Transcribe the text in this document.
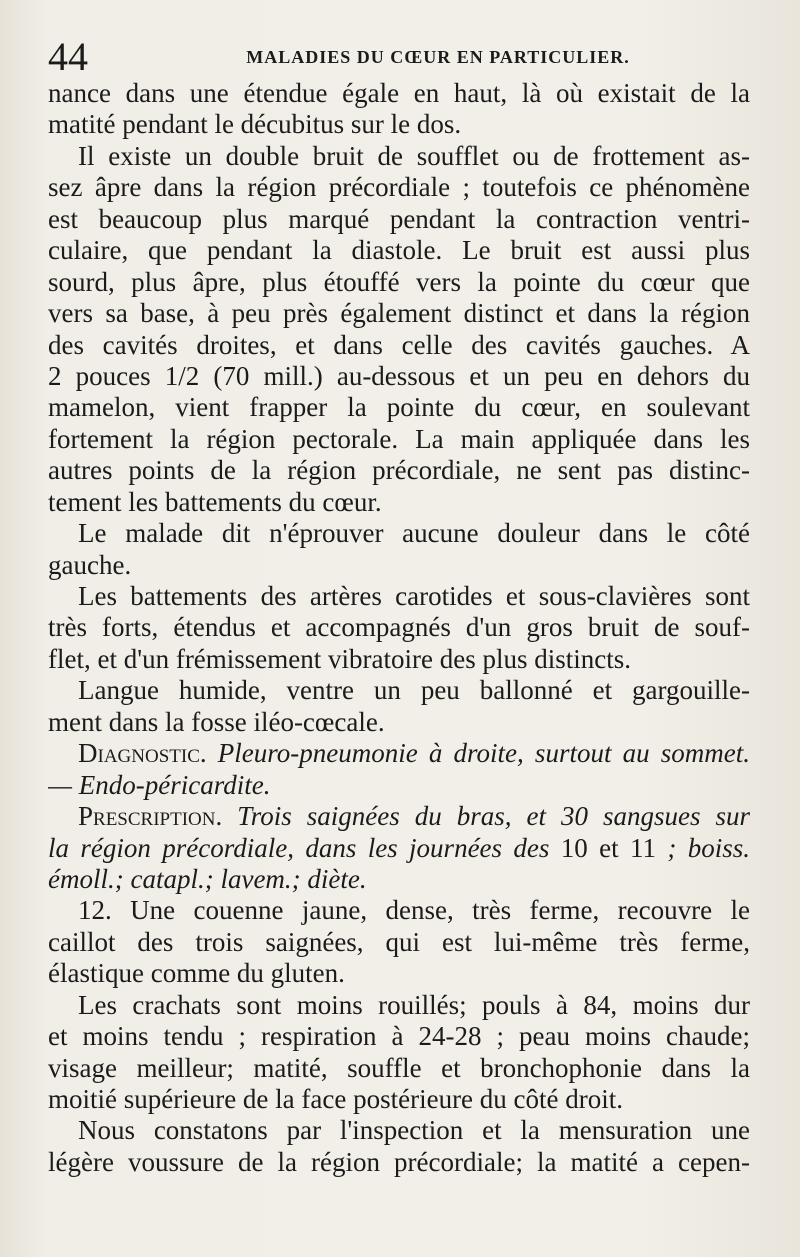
44	MALADIES DU CŒUR EN PARTICULIER.
nance dans une étendue égale en haut, là où existait de la
matité pendant le décubitus sur le dos.
Il existe un double bruit de soufflet ou de frottement as-
sez âpre dans la région précordiale ; toutefois ce phénomène
est beaucoup plus marqué pendant la contraction ventri-
culaire, que pendant la diastole. Le bruit est aussi plus
sourd, plus âpre, plus étouffé vers la pointe du cœur que
vers sa base, à peu près également distinct et dans la région
des cavités droites, et dans celle des cavités gauches. A
2 pouces 1/2 (70 mill.) au-dessous et un peu en dehors du
mamelon, vient frapper la pointe du cœur, en soulevant
fortement la région pectorale. La main appliquée dans les
autres points de la région précordiale, ne sent pas distinc-
tement les battements du cœur.
Le malade dit n'éprouver aucune douleur dans le côté
gauche.
Les battements des artères carotides et sous-clavières sont
très forts, étendus et accompagnés d'un gros bruit de souf-
flet, et d'un frémissement vibratoire des plus distincts.
Langue humide, ventre un peu ballonné et gargouille-
ment dans la fosse iléo-cœcale.
Diagnostic. Pleuro-pneumonie à droite, surtout au sommet.
— Endo-péricardite.
Prescription. Trois saignées du bras, et 30 sangsues sur
la région précordiale, dans les journées des 10 et 11 ; boiss.
émoll.; catapl.; lavem.; diète.
12. Une couenne jaune, dense, très ferme, recouvre le
caillot des trois saignées, qui est lui-même très ferme,
élastique comme du gluten.
Les crachats sont moins rouillés; pouls à 84, moins dur
et moins tendu ; respiration à 24-28 ; peau moins chaude;
visage meilleur; matité, souffle et bronchophonie dans la
moitié supérieure de la face postérieure du côté droit.
Nous constatons par l'inspection et la mensuration une
légère voussure de la région précordiale; la matité a cepen-
